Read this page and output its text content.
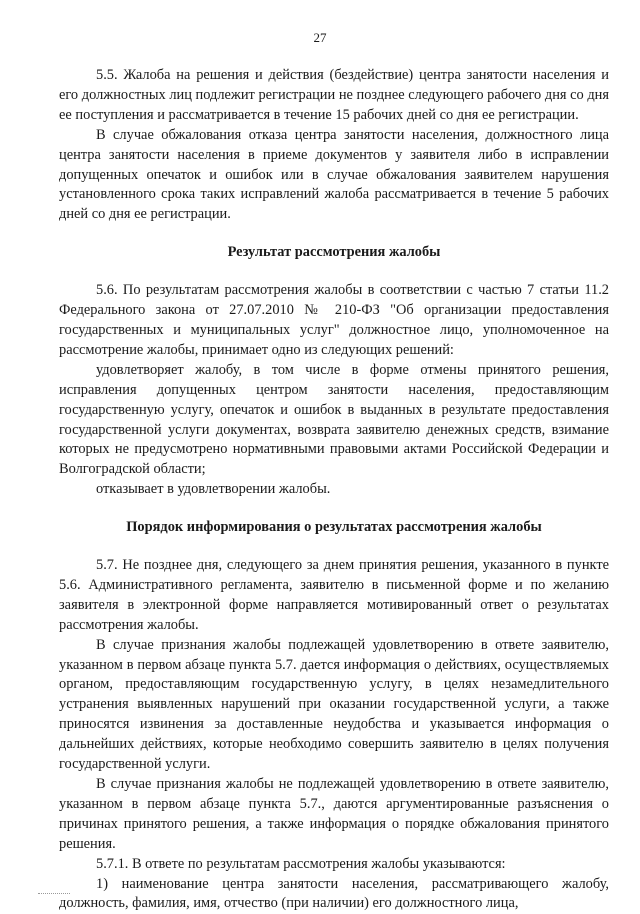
27

5.5. Жалоба на решения и действия (бездействие) центра занятости населения и его должностных лиц подлежит регистрации не позднее следующего рабочего дня со дня ее поступления и рассматривается в течение 15 рабочих дней со дня ее регистрации.

В случае обжалования отказа центра занятости населения, должностного лица центра занятости населения в приеме документов у заявителя либо в исправлении допущенных опечаток и ошибок или в случае обжалования заявителем нарушения установленного срока таких исправлений жалоба рассматривается в течение 5 рабочих дней со дня ее регистрации.

Результат рассмотрения жалобы

5.6. По результатам рассмотрения жалобы в соответствии с частью 7 статьи 11.2 Федерального закона от 27.07.2010 № 210-ФЗ "Об организации предоставления государственных и муниципальных услуг" должностное лицо, уполномоченное на рассмотрение жалобы, принимает одно из следующих решений:

удовлетворяет жалобу, в том числе в форме отмены принятого решения, исправления допущенных центром занятости населения, предоставляющим государственную услугу, опечаток и ошибок в выданных в результате предоставления государственной услуги документах, возврата заявителю денежных средств, взимание которых не предусмотрено нормативными правовыми актами Российской Федерации и Волгоградской области;

отказывает в удовлетворении жалобы.

Порядок информирования о результатах рассмотрения жалобы

5.7. Не позднее дня, следующего за днем принятия решения, указанного в пункте 5.6. Административного регламента, заявителю в письменной форме и по желанию заявителя в электронной форме направляется мотивированный ответ о результатах рассмотрения жалобы.

В случае признания жалобы подлежащей удовлетворению в ответе заявителю, указанном в первом абзаце пункта 5.7. дается информация о действиях, осуществляемых органом, предоставляющим государственную услугу, в целях незамедлительного устранения выявленных нарушений при оказании государственной услуги, а также приносятся извинения за доставленные неудобства и указывается информация о дальнейших действиях, которые необходимо совершить заявителю в целях получения государственной услуги.

В случае признания жалобы не подлежащей удовлетворению в ответе заявителю, указанном в первом абзаце пункта 5.7., даются аргументированные разъяснения о причинах принятого решения, а также информация о порядке обжалования принятого решения.

5.7.1. В ответе по результатам рассмотрения жалобы указываются:

1) наименование центра занятости населения, рассматривающего жалобу, должность, фамилия, имя, отчество (при наличии) его должностного лица,
